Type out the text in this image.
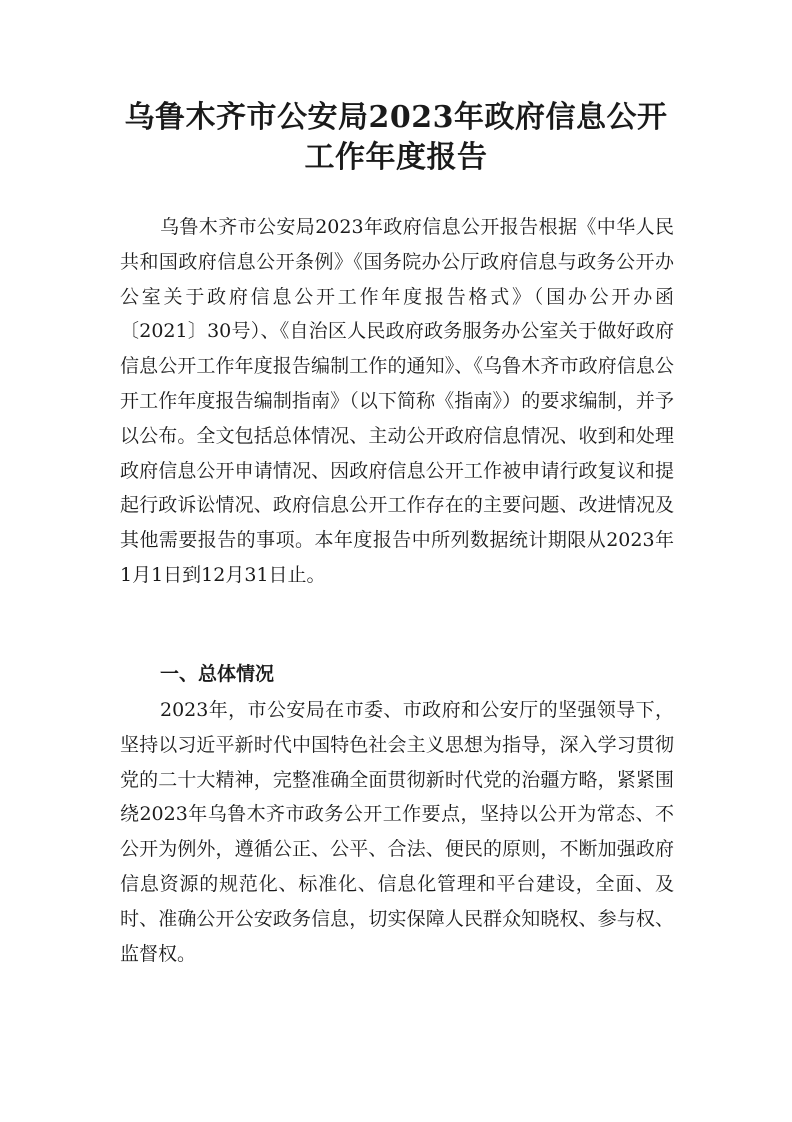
乌鲁木齐市公安局2023年政府信息公开
工作年度报告

乌鲁木齐市公安局2023年政府信息公开报告根据《中华人民共和国政府信息公开条例》《国务院办公厅政府信息与政务公开办公室关于政府信息公开工作年度报告格式》（国办公开办函〔2021〕30号）、《自治区人民政府政务服务办公室关于做好政府信息公开工作年度报告编制工作的通知》、《乌鲁木齐市政府信息公开工作年度报告编制指南》（以下简称《指南》）的要求编制，并予以公布。全文包括总体情况、主动公开政府信息情况、收到和处理政府信息公开申请情况、因政府信息公开工作被申请行政复议和提起行政诉讼情况、政府信息公开工作存在的主要问题、改进情况及其他需要报告的事项。本年度报告中所列数据统计期限从2023年1月1日到12月31日止。

一、总体情况

2023年，市公安局在市委、市政府和公安厅的坚强领导下，坚持以习近平新时代中国特色社会主义思想为指导，深入学习贯彻党的二十大精神，完整准确全面贯彻新时代党的治疆方略，紧紧围绕2023年乌鲁木齐市政务公开工作要点，坚持以公开为常态、不公开为例外，遵循公正、公平、合法、便民的原则，不断加强政府信息资源的规范化、标准化、信息化管理和平台建设，全面、及时、准确公开公安政务信息，切实保障人民群众知晓权、参与权、监督权。
